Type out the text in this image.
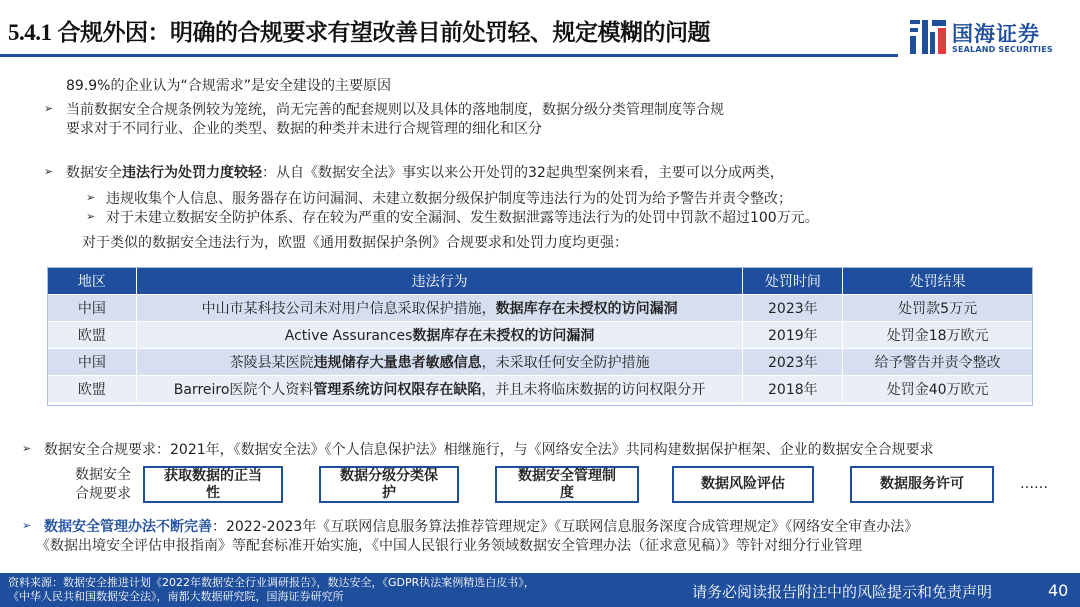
5.4.1 合规外因：明确的合规要求有望改善目前处罚轻、规定模糊的问题	国海证券
SEALAND SECURITIES
89.9%的企业认为“合规需求”是安全建设的主要原因
➢ 当前数据安全合规条例较为笼统，尚无完善的配套规则以及具体的落地制度，数据分级分类管理制度等合规
要求对于不同行业、企业的类型、数据的种类并未进行合规管理的细化和区分
➢ 数据安全违法行为处罚力度较轻：从自《数据安全法》事实以来公开处罚的32起典型案例来看，主要可以分成两类，
➢ 违规收集个人信息、服务器存在访问漏洞、未建立数据分级保护制度等违法行为的处罚为给予警告并责令整改；
➢ 对于未建立数据安全防护体系、存在较为严重的安全漏洞、发生数据泄露等违法行为的处罚中罚款不超过100万元。
对于类似的数据安全违法行为，欧盟《通用数据保护条例》合规要求和处罚力度均更强：
地区	违法行为	处罚时间	处罚结果
中国	中山市某科技公司未对用户信息采取保护措施，数据库存在未授权的访问漏洞	2023年	处罚款5万元
欧盟	Active Assurances数据库存在未授权的访问漏洞	2019年	处罚金18万欧元
中国	茶陵县某医院违规储存大量患者敏感信息，未采取任何安全防护措施	2023年	给予警告并责令整改
欧盟	Barreiro医院个人资料管理系统访问权限存在缺陷，并且未将临床数据的访问权限分开	2018年	处罚金40万欧元
➢ 数据安全合规要求：2021年，《数据安全法》《个人信息保护法》相继施行，与《网络安全法》共同构建数据保护框架、企业的数据安全合规要求
数据安全
合规要求
获取数据的正当
性
数据分级分类保
护
数据安全管理制
度
数据风险评估	数据服务许可	……
➢ 数据安全管理办法不断完善：2022-2023年《互联网信息服务算法推荐管理规定》《互联网信息服务深度合成管理规定》《网络安全审查办法》
《数据出境安全评估申报指南》等配套标准开始实施，《中国人民银行业务领域数据安全管理办法（征求意见稿）》等针对细分行业管理
资料来源：数据安全推进计划《2022年数据安全行业调研报告》，数达安全，《GDPR执法案例精选白皮书》，
《中华人民共和国数据安全法》，南都大数据研究院，国海证券研究所	请务必阅读报告附注中的风险提示和免责声明	40
